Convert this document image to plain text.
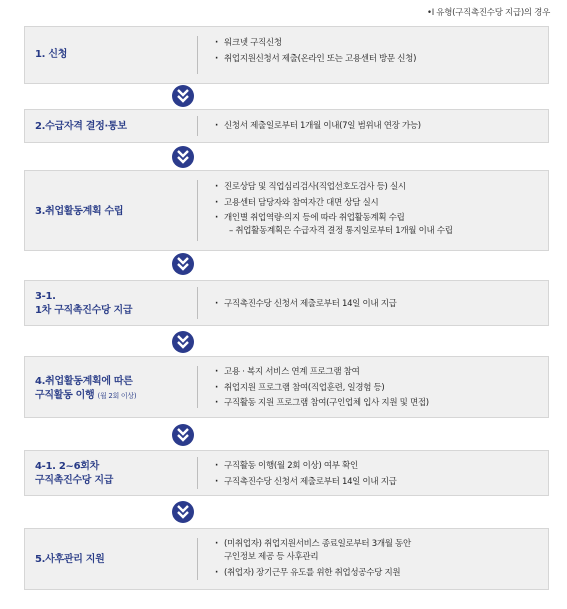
•I 유형(구직촉진수당 지급)의 경우
1. 신청
· 워크넷 구직신청
· 취업지원신청서 제출(온라인 또는 고용센터 방문 신청)
2.수급자격 결정·통보
·	신청서 제출일로부터 1개월 이내(7일 범위내 연장 가능)
3.취업활동계획 수립
· 진로상담 및 직업심리검사(직업선호도검사 등) 실시
· 고용센터 담당자와 참여자간 대면 상담 실시
· 개인별 취업역량·의지 등에 따라 취업활동계획 수립
– 취업활동계획은 수급자격 결정 통지일로부터 1개월 이내 수립
3-1.
1차 구직촉진수당 지급
· 구직촉진수당 신청서 제출로부터 14일 이내 지급
4.취업활동계획에 따른
구직활동 이행 (월 2회 이상)
· 고용 · 복지 서비스 연계 프로그램 참여
· 취업지원 프로그램 참여(직업훈련, 일경험 등)
· 구직활동 지원 프로그램 참여(구인업체 입사 지원 및 면접)
4-1. 2~6회차
구직촉진수당 지급
· 구직활동 이행(월 2회 이상) 여부 확인
· 구직촉진수당 신청서 제출로부터 14일 이내 지급
5.사후관리 지원
· (미취업자) 취업지원서비스 종료일로부터 3개월 동안
구인정보 제공 등 사후관리
· (취업자) 장기근무 유도를 위한 취업성공수당 지원
